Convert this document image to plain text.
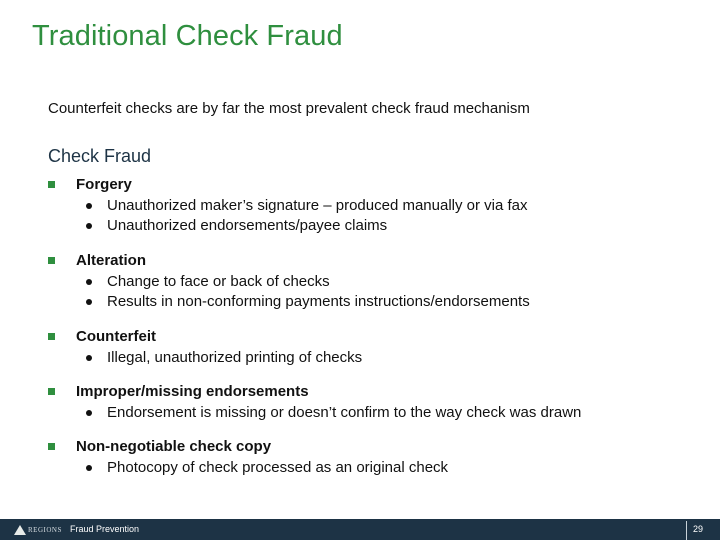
Traditional Check Fraud
Counterfeit checks are by far the most prevalent check fraud mechanism
Check Fraud
Forgery
Unauthorized maker’s signature – produced manually or via fax
Unauthorized endorsements/payee claims
Alteration
Change to face or back of checks
Results in non-conforming payments instructions/endorsements
Counterfeit
Illegal, unauthorized printing of checks
Improper/missing endorsements
Endorsement is missing or doesn’t confirm to the way check was drawn
Non-negotiable check copy
Photocopy of check processed as an original check
REGIONS Fraud Prevention	29
